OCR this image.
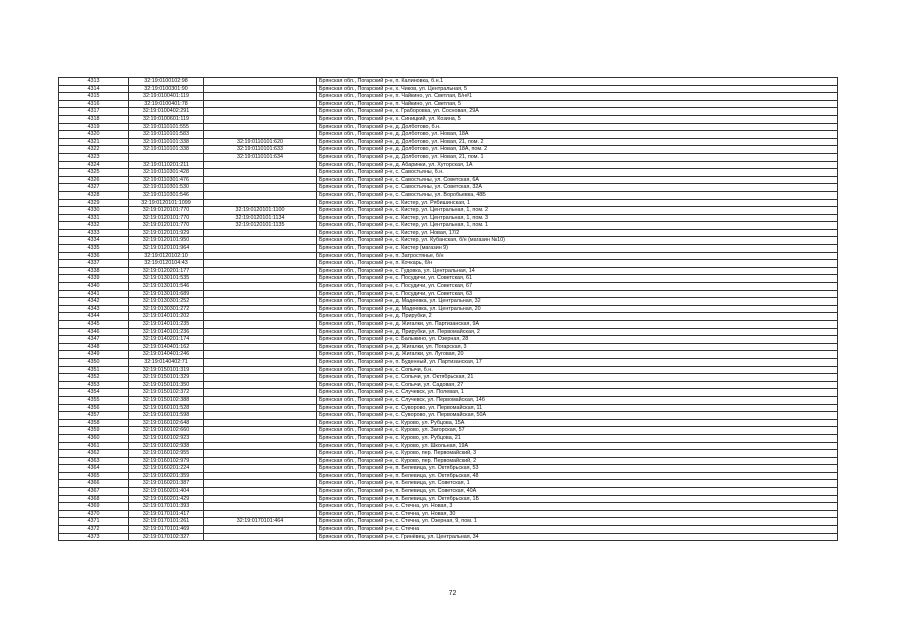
4313	32:19:0100102:98		Брянская обл., Погарский р-н, п. Калиновка, б.н.1
4314	32:19:0100301:90		Брянская обл., Погарский р-н, х. Чиков, ул. Центральная, 5
4315	32:19:0100401:119		Брянская обл., Погарский р-н, п. Чайкино, ул. Светлая, Б/н#1
4316	32:19:0100401:78		Брянская обл., Погарский р-н, п. Чайкино, ул. Светлая, 5
4317	32:19:0100402:291		Брянская обл., Погарский р-н, х. Граборовка, ул. Сосновая, 29А
4318	32:19:0100601:119		Брянская обл., Погарский р-н, х. Синицкий, ул. Козина, 5
4319	32:19:0110101:555		Брянская обл., Погарский р-н, д. Долботово, б.н.
4320	32:19:0110101:583		Брянская обл., Погарский р-н, д. Долботово, ул. Новая, 18А
4321	32:19:0110101:338	32:19:0110101:620	Брянская обл., Погарский р-н, д. Долботово, ул. Новая, 21, пом. 2
4322	32:19:0110101:338	32:19:0110101:633	Брянская обл., Погарский р-н, д. Долботово, ул. Новая, 18А, пом. 2
4323		32:19:0110101:634	Брянская обл., Погарский р-н, д. Долботово, ул. Новая, 21, пом. 1
4324	32:19:0110201:211		Брянская обл., Погарский р-н, д. Абаринки, ул. Хуторская, 1А
4325	32:19:0110301:428		Брянская обл., Погарский р-н, с. Савостьяны, б.н.
4326	32:19:0110301:476		Брянская обл., Погарский р-н, с. Савостьяны, ул. Советская, 6А
4327	32:19:0110301:530		Брянская обл., Погарский р-н, с. Савостьяны, ул. Советская, 32А
4328	32:19:0110301:546		Брянская обл., Погарский р-н, с. Савостьяны, ул. Воробьевка, 48Б
4329	32:19:0120101:1099		Брянская обл., Погарский р-н, с. Кистер, ул. Рябишинская, 1
4330	32:19:0120101:770	32:19:0120101:1100	Брянская обл., Погарский р-н, с. Кистер, ул. Центральная, 1, пом. 2
4331	32:19:0120101:770	32:19:0120101:1134	Брянская обл., Погарский р-н, с. Кистер, ул. Центральная, 1, пом. 3
4332	32:19:0120101:770	32:19:0120101:1135	Брянская обл., Погарский р-н, с. Кистер, ул. Центральная, 1, пом. 1
4333	32:19:0120101:929		Брянская обл., Погарский р-н, с. Кистер, ул. Новая, 17/2
4334	32:19:0120101:950		Брянская обл., Погарский р-н, с. Кистер, ул. Кубанская, б/н (магазин №10)
4335	32:19:0120101:964		Брянская обл., Погарский р-н, с. Кистер (магазин 9)
4336	32:19:0120102:10		Брянская обл., Погарский р-н, п. Затростянье, б/н
4337	32:19:0120104:43		Брянская обл., Погарский р-н, п. Кочкарь, б/н
4338	32:19:0120201:177		Брянская обл., Погарский р-н, с. Гудовка, ул. Центральная, 14
4339	32:19:0130101:535		Брянская обл., Погарский р-н, с. Посудичи, ул. Советская, 61
4340	32:19:0130101:546		Брянская обл., Погарский р-н, с. Посудичи, ул. Советская, 67
4341	32:19:0130101:689		Брянская обл., Погарский р-н, с. Посудичи, ул. Советская, 63
4342	32:19:0130301:252		Брянская обл., Погарский р-н, д. Мадеевка, ул. Центральная, 32
4343	32:19:0130301:272		Брянская обл., Погарский р-н, д. Мадеевка, ул. Центральная, 20
4344	32:19:0140101:202		Брянская обл., Погарский р-н, д. Прирубки, 2
4345	32:19:0140101:235		Брянская обл., Погарский р-н, д. Жигалки, ул. Партизанская, 9А
4346	32:19:0140101:236		Брянская обл., Погарский р-н, д. Прирубки, ул. Первомайская, 2
4347	32:19:0140201:174		Брянская обл., Погарский р-н, с. Балыкино, ул. Озерная, 28
4348	32:19:0140401:162		Брянская обл., Погарский р-н, д. Жигалки, ул. Погарская, 3
4349	32:19:0140401:246		Брянская обл., Погарский р-н, д. Жигалки, ул. Луговая, 20
4350	32:19:0140402:71		Брянская обл., Погарский р-н, п. Буденный, ул. Партизанская, 17
4351	32:19:0150101:319		Брянская обл., Погарский р-н, с. Сопычи, б.н.
4352	32:19:0150101:329		Брянская обл., Погарский р-н, с. Сопычи, ул. Октябрьская, 21
4353	32:19:0150101:350		Брянская обл., Погарский р-н, с. Сопычи, ул. Садовая, 27
4354	32:19:0150102:372		Брянская обл., Погарский р-н, с. Случевск, ул. Полевая, 1
4355	32:19:0150102:388		Брянская обл., Погарский р-н, с. Случевск, ул. Первомайская, 14б
4356	32:19:0160101:528		Брянская обл., Погарский р-н, с. Суворово, ул. Первомайская, 11
4357	32:19:0160101:598		Брянская обл., Погарский р-н, с. Суворово, ул. Первомайская, 50А
4358	32:19:0160102:648		Брянская обл., Погарский р-н, с. Курово, ул. Рубцова, 15А
4359	32:19:0160102:660		Брянская обл., Погарский р-н, с. Курово, ул. Загорская, 57
4360	32:19:0160102:923		Брянская обл., Погарский р-н, с. Курово, ул. Рубцова, 21
4361	32:19:0160102:938		Брянская обл., Погарский р-н, с. Курово, ул. Школьная, 19А
4362	32:19:0160102:955		Брянская обл., Погарский р-н, с. Курово, пер. Первомайский, 3
4363	32:19:0160102:979		Брянская обл., Погарский р-н, с. Курово, пер. Первомайский, 2
4364	32:19:0160201:224		Брянская обл., Погарский р-н, п. Белевица, ул. Октябрьская, 53
4365	32:19:0160201:359		Брянская обл., Погарский р-н, п. Белевица, ул. Октябрьская, 48
4366	32:19:0160201:387		Брянская обл., Погарский р-н, п. Белевица, ул. Советская, 1
4367	32:19:0160201:404		Брянская обл., Погарский р-н, п. Белевица, ул. Советская, 40А
4368	32:19:0160201:429		Брянская обл., Погарский р-н, п. Белевица, ул. Октябрьская, 1Б
4369	32:19:0170101:393		Брянская обл., Погарский р-н, с. Стечна, ул. Новая, 3
4370	32:19:0170101:417		Брянская обл., Погарский р-н, с. Стечна, ул. Новая, 30
4371	32:19:0170101:261	32:19:0170101:464	Брянская обл., Погарский р-н, с. Стечна, ул. Озерная, 9, пом. 1
4372	32:19:0170101:469		Брянская обл., Погарский р-н, с. Стечна
4373	32:19:0170102:327		Брянская обл., Погарский р-н, с. Гринёвец, ул. Центральная, 34
72
